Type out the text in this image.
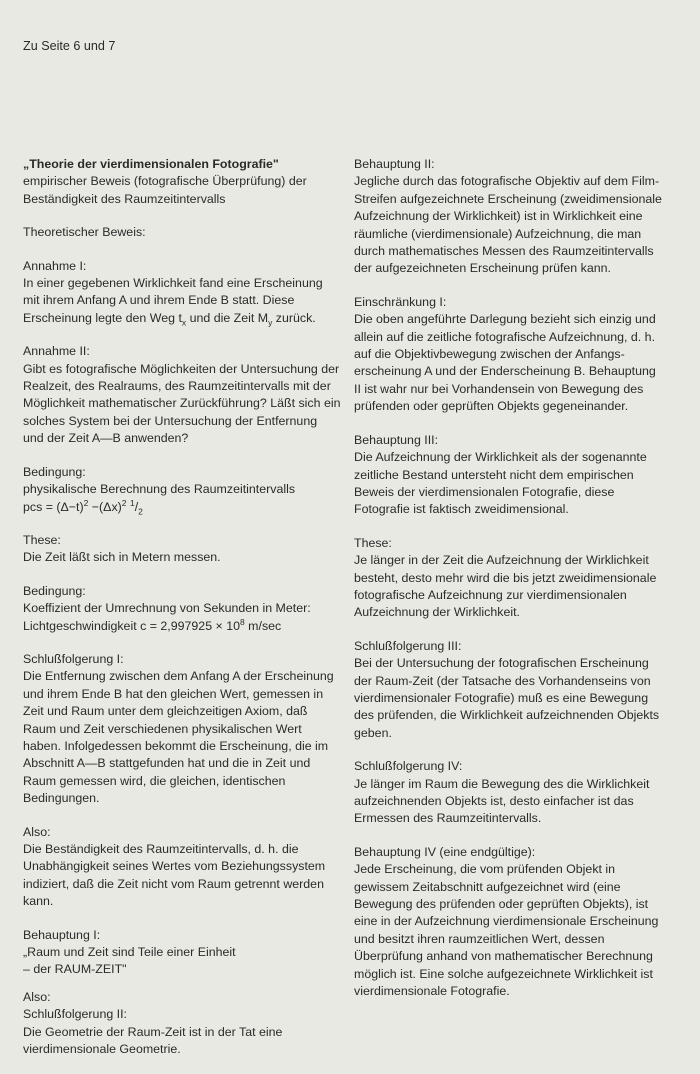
Zu Seite 6 und 7

„Theorie der vierdimensionalen Fotografie"

empirischer Beweis (fotografische Überprüfung) der Beständigkeit des Raumzeitintervalls

Theoretischer Beweis:

Annahme I:

In einer gegebenen Wirklichkeit fand eine Erscheinung mit ihrem Anfang A und ihrem Ende B statt. Diese Erscheinung legte den Weg $t_x$ und die Zeit $M_y$ zurück.

Annahme II:

Gibt es fotografische Möglichkeiten der Untersuchung der Realzeit, des Realraums, des Raumzeitintervalls mit der Möglichkeit mathematischer Zurückführung? Läßt sich ein solches System bei der Untersuchung der Entfernung und der Zeit A—B anwenden?

Bedingung:

physikalische Berechnung des Raumzeitintervalls

pcs = $(\Delta-t)^2 -(\Delta x)^2$ $^1/_2$

These:

Die Zeit läßt sich in Metern messen.

Bedingung:

Koeffizient der Umrechnung von Sekunden in Meter:

Lichtgeschwindigkeit $c = 2,997925 \times 10^8$ m/sec

Schlußfolgerung I:

Die Entfernung zwischen dem Anfang A der Erscheinung und ihrem Ende B hat den gleichen Wert, gemessen in Zeit und Raum unter dem gleichzeitigen Axiom, daß Raum und Zeit verschiedenen physikalischen Wert haben. Infolgedessen bekommt die Erscheinung, die im Abschnitt A—B stattgefunden hat und die in Zeit und Raum gemessen wird, die gleichen, identischen Bedingungen.

Also:

Die Beständigkeit des Raumzeitintervalls, d. h. die Unabhängigkeit seines Wertes vom Beziehungssystem indiziert, daß die Zeit nicht vom Raum getrennt werden kann.

Behauptung I:

„Raum und Zeit sind Teile einer Einheit

– der RAUM-ZEIT"

Also:

Schlußfolgerung II:

Die Geometrie der Raum-Zeit ist in der Tat eine vierdimensionale Geometrie.

Behauptung II:

Jegliche durch das fotografische Objektiv auf dem Film-Streifen aufgezeichnete Erscheinung (zweidimensionale Aufzeichnung der Wirklichkeit) ist in Wirklichkeit eine räumliche (vierdimensionale) Aufzeichnung, die man durch mathematisches Messen des Raumzeitintervalls der aufgezeichneten Erscheinung prüfen kann.

Einschränkung I:

Die oben angeführte Darlegung bezieht sich einzig und allein auf die zeitliche fotografische Aufzeichnung, d. h. auf die Objektivbewegung zwischen der Anfangs-erscheinung A und der Enderscheinung B. Behauptung II ist wahr nur bei Vorhandensein von Bewegung des prüfenden oder geprüften Objekts gegeneinander.

Behauptung III:

Die Aufzeichnung der Wirklichkeit als der sogenannte zeitliche Bestand untersteht nicht dem empirischen Beweis der vierdimensionalen Fotografie, diese Fotografie ist faktisch zweidimensional.

These:

Je länger in der Zeit die Aufzeichnung der Wirklichkeit besteht, desto mehr wird die bis jetzt zweidimensionale fotografische Aufzeichnung zur vierdimensionalen Aufzeichnung der Wirklichkeit.

Schlußfolgerung III:

Bei der Untersuchung der fotografischen Erscheinung der Raum-Zeit (der Tatsache des Vorhandenseins von vierdimensionaler Fotografie) muß es eine Bewegung des prüfenden, die Wirklichkeit aufzeichnenden Objekts geben.

Schlußfolgerung IV:

Je länger im Raum die Bewegung des die Wirklichkeit aufzeichnenden Objekts ist, desto einfacher ist das Ermessen des Raumzeitintervalls.

Behauptung IV (eine endgültige):

Jede Erscheinung, die vom prüfenden Objekt in gewissem Zeitabschnitt aufgezeichnet wird (eine Bewegung des prüfenden oder geprüften Objekts), ist eine in der Aufzeichnung vierdimensionale Erscheinung und besitzt ihren raumzeitlichen Wert, dessen Überprüfung anhand von mathematischer Berechnung möglich ist. Eine solche aufgezeichnete Wirklichkeit ist vierdimensionale Fotografie.
